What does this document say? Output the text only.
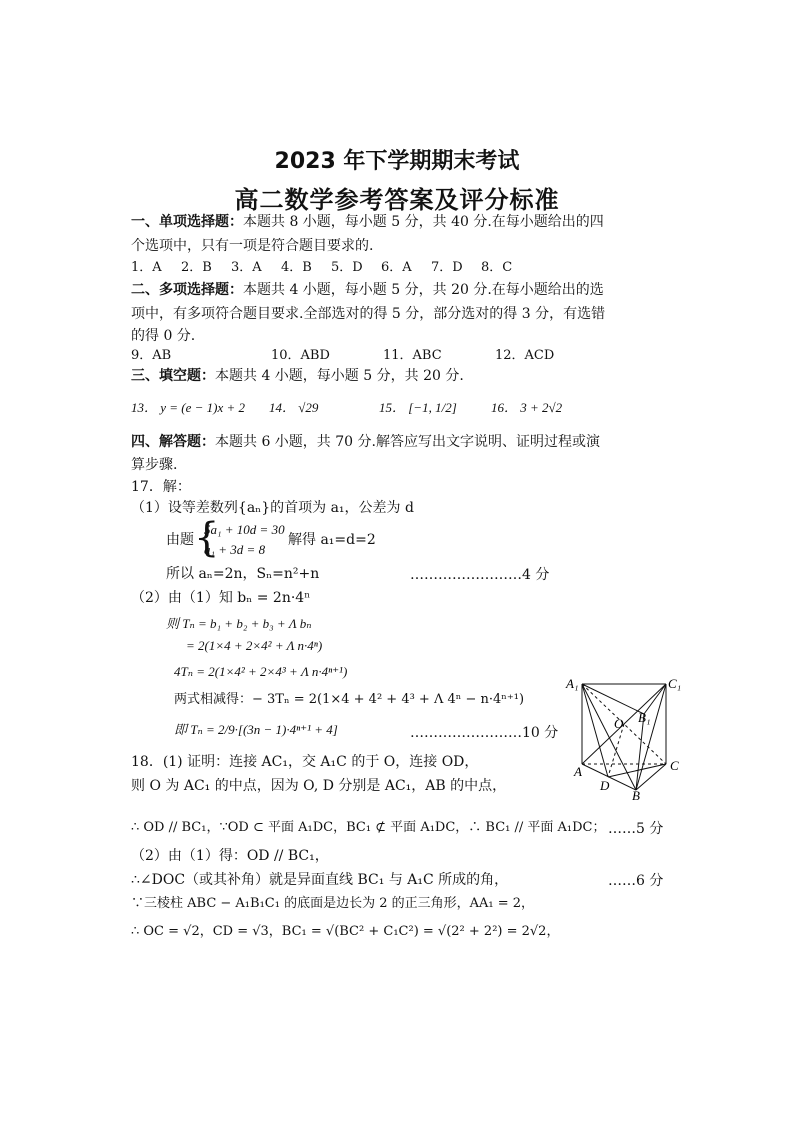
2023 年下学期期末考试
高二数学参考答案及评分标准
一、单项选择题：本题共 8 小题，每小题 5 分，共 40 分.在每小题给出的四
个选项中，只有一项是符合题目要求的.
1．A 2．B 3．A 4．B 5．D 6．A 7．D 8．C
二、多项选择题：本题共 4 小题，每小题 5 分，共 20 分.在每小题给出的选
项中，有多项符合题目要求.全部选对的得 5 分，部分选对的得 3 分，有选错
的得 0 分.
9．AB	10．ABD	11．ABC	12．ACD
三、填空题：本题共 4 小题，每小题 5 分，共 20 分.
13． y = (e − 1)x + 2 14． √29	15． [−1, 1/2]	16． 3 + 2√2
四、解答题：本题共 6 小题，共 70 分.解答应写出文字说明、证明过程或演
算步骤.
17．解：
（1）设等差数列{aₙ}的首项为 a₁，公差为 d
由题 {
5a₁ + 10d = 30
a₁ + 3d = 8
解得 a₁=d=2
所以 aₙ=2n，Sₙ=n²+n	……………………4 分
（2）由（1）知 bₙ = 2n·4ⁿ
则 Tₙ = b₁ + b₂ + b₃ + Λ bₙ
= 2(1×4 + 2×4² + Λ n·4ⁿ)
4Tₙ = 2(1×4² + 2×4³ + Λ n·4ⁿ⁺¹)
两式相减得：− 3Tₙ = 2(1×4 + 4² + 4³ + Λ 4ⁿ − n·4ⁿ⁺¹)
即 Tₙ = 2/9·[(3n − 1)·4ⁿ⁺¹ + 4]	……………………10 分
A₁	C₁
B₁
O
A	C
D
B
18．(1) 证明：连接 AC₁，交 A₁C 的于 O，连接 OD，
则 O 为 AC₁ 的中点，因为 O, D 分别是 AC₁，AB 的中点，
∴ OD // BC₁，∵OD ⊂ 平面 A₁DC，BC₁ ⊄ 平面 A₁DC，∴ BC₁ // 平面 A₁DC； ……5 分
（2）由（1）得：OD // BC₁，
∴∠DOC（或其补角）就是异面直线 BC₁ 与 A₁C 所成的角，	……6 分
∵三棱柱 ABC − A₁B₁C₁ 的底面是边长为 2 的正三角形，AA₁ = 2，
∴ OC = √2，CD = √3，BC₁ = √(BC² + C₁C²) = √(2² + 2²) = 2√2，
